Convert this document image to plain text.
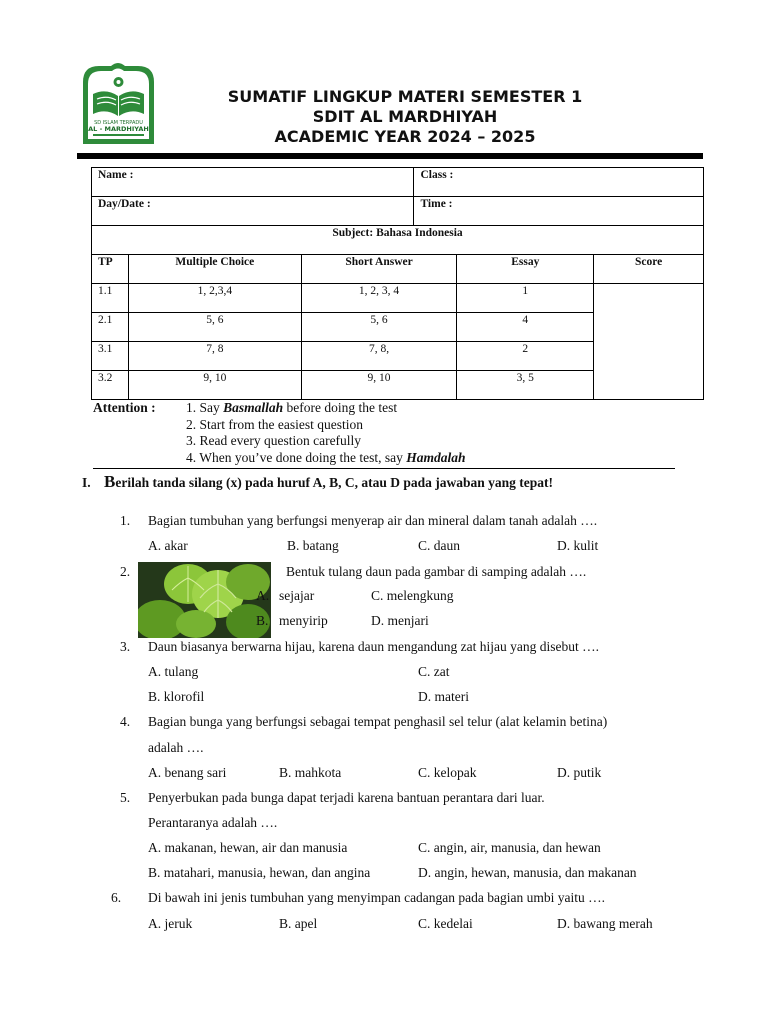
SD ISLAM TERPADU
AL - MARDHIYAH
SUMATIF LINGKUP MATERI SEMESTER 1
SDIT AL MARDHIYAH
ACADEMIC YEAR 2024 – 2025
Name :			Class :		
Day/Date :			Time :		
Subject: Bahasa Indonesia					
TP	Multiple Choice	Short Answer		Essay	Score
1.1	1, 2,3,4	1, 2, 3, 4		1	
2.1	5, 6	5, 6		4	
3.1	7, 8	7, 8,		2	
3.2	9, 10	9, 10		3, 5	
Attention : 1. Say Basmallah before doing the test
2. Start from the easiest question
3. Read every question carefully
4. When you’ve done doing the test, say Hamdalah
I. Berilah tanda silang (x) pada huruf A, B, C, atau D pada jawaban yang tepat!
1. Bagian tumbuhan yang berfungsi menyerap air dan mineral dalam tanah adalah ….
A. akar	B. batang	C. daun	D. kulit
2.	Bentuk tulang daun pada gambar di samping adalah ….
A. sejajar	C. melengkung
B. menyirip	D. menjari
3. Daun biasanya berwarna hijau, karena daun mengandung zat hijau yang disebut ….
A. tulang	C. zat
B. klorofil	D. materi
4. Bagian bunga yang berfungsi sebagai tempat penghasil sel telur (alat kelamin betina)
adalah ….
A. benang sari	B. mahkota	C. kelopak	D. putik
5. Penyerbukan pada bunga dapat terjadi karena bantuan perantara dari luar.
Perantaranya adalah ….
A. makanan, hewan, air dan manusia	C. angin, air, manusia, dan hewan
B. matahari, manusia, hewan, dan angina	D. angin, hewan, manusia, dan makanan
6. Di bawah ini jenis tumbuhan yang menyimpan cadangan pada bagian umbi yaitu ….
A. jeruk	B. apel	C. kedelai	D. bawang merah
